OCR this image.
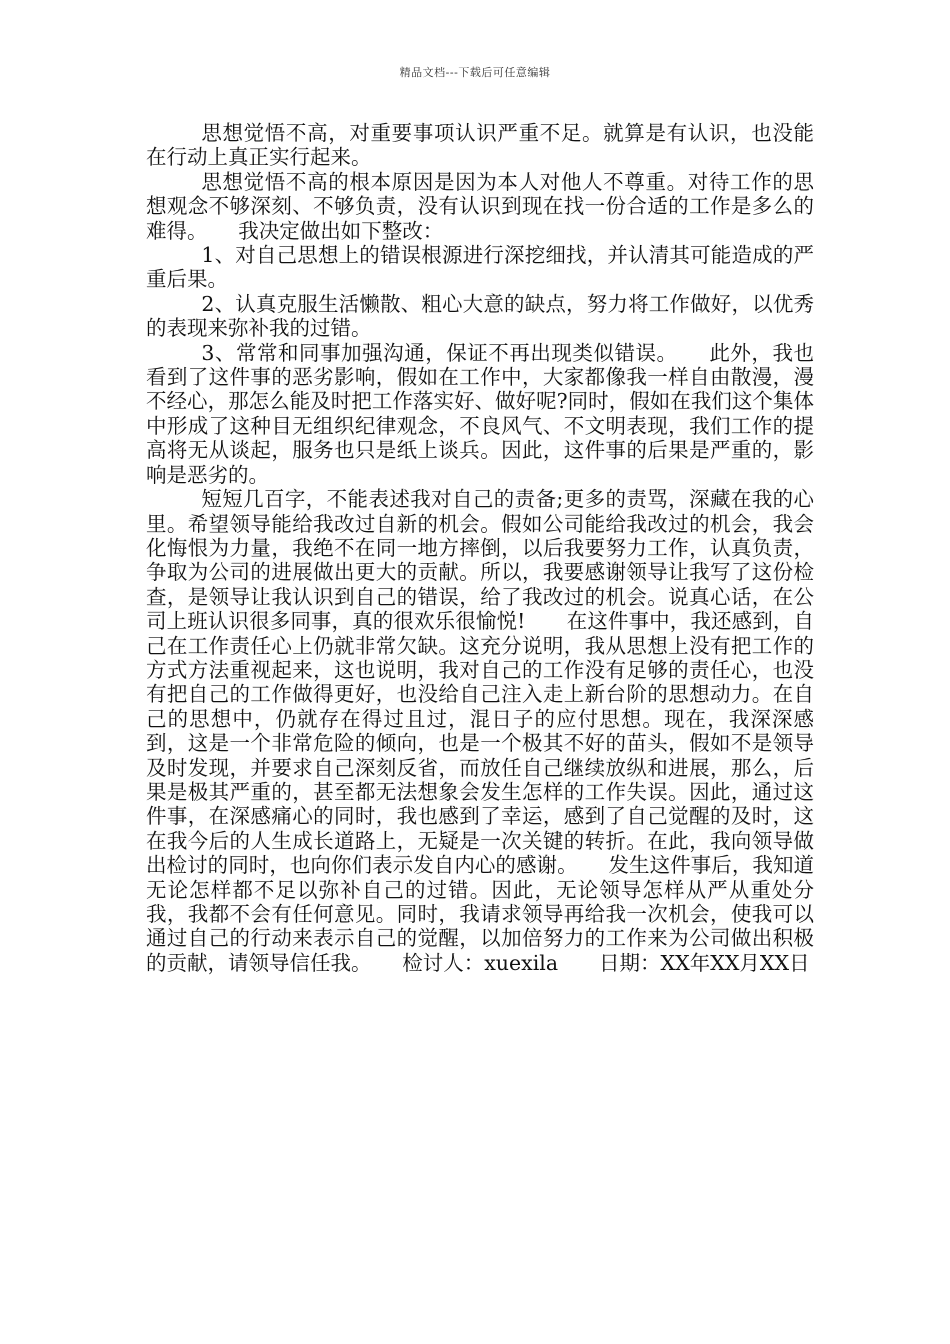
精品文档---下载后可任意编辑

思想觉悟不高，对重要事项认识严重不足。就算是有认识，也没能在行动上真正实行起来。

思想觉悟不高的根本原因是因为本人对他人不尊重。对待工作的思想观念不够深刻、不够负责，没有认识到现在找一份合适的工作是多么的难得。　　我决定做出如下整改：

1、对自己思想上的错误根源进行深挖细找，并认清其可能造成的严重后果。

2、认真克服生活懒散、粗心大意的缺点，努力将工作做好，以优秀的表现来弥补我的过错。

3、常常和同事加强沟通，保证不再出现类似错误。　　此外，我也看到了这件事的恶劣影响，假如在工作中，大家都像我一样自由散漫，漫不经心，那怎么能及时把工作落实好、做好呢?同时，假如在我们这个集体中形成了这种目无组织纪律观念，不良风气、不文明表现，我们工作的提高将无从谈起，服务也只是纸上谈兵。因此，这件事的后果是严重的，影响是恶劣的。

短短几百字，不能表述我对自己的责备;更多的责骂，深藏在我的心里。希望领导能给我改过自新的机会。假如公司能给我改过的机会，我会化悔恨为力量，我绝不在同一地方摔倒，以后我要努力工作，认真负责，争取为公司的进展做出更大的贡献。所以，我要感谢领导让我写了这份检查，是领导让我认识到自己的错误，给了我改过的机会。说真心话，在公司上班认识很多同事，真的很欢乐很愉悦!　　在这件事中，我还感到，自己在工作责任心上仍就非常欠缺。这充分说明，我从思想上没有把工作的方式方法重视起来，这也说明，我对自己的工作没有足够的责任心，也没有把自己的工作做得更好，也没给自己注入走上新台阶的思想动力。在自己的思想中，仍就存在得过且过，混日子的应付思想。现在，我深深感到，这是一个非常危险的倾向，也是一个极其不好的苗头，假如不是领导及时发现，并要求自己深刻反省，而放任自己继续放纵和进展，那么，后果是极其严重的，甚至都无法想象会发生怎样的工作失误。因此，通过这件事，在深感痛心的同时，我也感到了幸运，感到了自己觉醒的及时，这在我今后的人生成长道路上，无疑是一次关键的转折。在此，我向领导做出检讨的同时，也向你们表示发自内心的感谢。　　发生这件事后，我知道无论怎样都不足以弥补自己的过错。因此，无论领导怎样从严从重处分我，我都不会有任何意见。同时，我请求领导再给我一次机会，使我可以通过自己的行动来表示自己的觉醒，以加倍努力的工作来为公司做出积极的贡献，请领导信任我。　　检讨人：xuexila　　日期：XX年XX月XX日
